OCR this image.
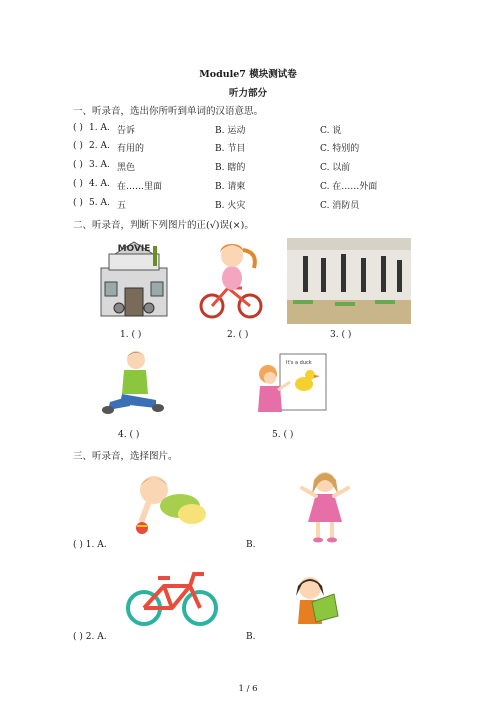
Module7 模块测试卷
听力部分
一、听录音，选出你所听到单词的汉语意思。
( ) 1. A. 告诉	B. 运动	C. 说
( ) 2. A. 有用的	B. 节目	C. 特别的
( ) 3. A. 黑色	B. 瞎的	C. 以前
( ) 4. A. 在……里面	B. 请柬	C. 在……外面
( ) 5. A. 五	B. 火灾	C. 消防员
二、听录音，判断下列图片的正(√)误(×)。
MOVIE
1. ( )	2. ( )	3. ( )
It's a duck
4. ( )	5. ( )
三、听录音，选择图片。
( ) 1. A.	B.
( ) 2. A.	B.
1 / 6
